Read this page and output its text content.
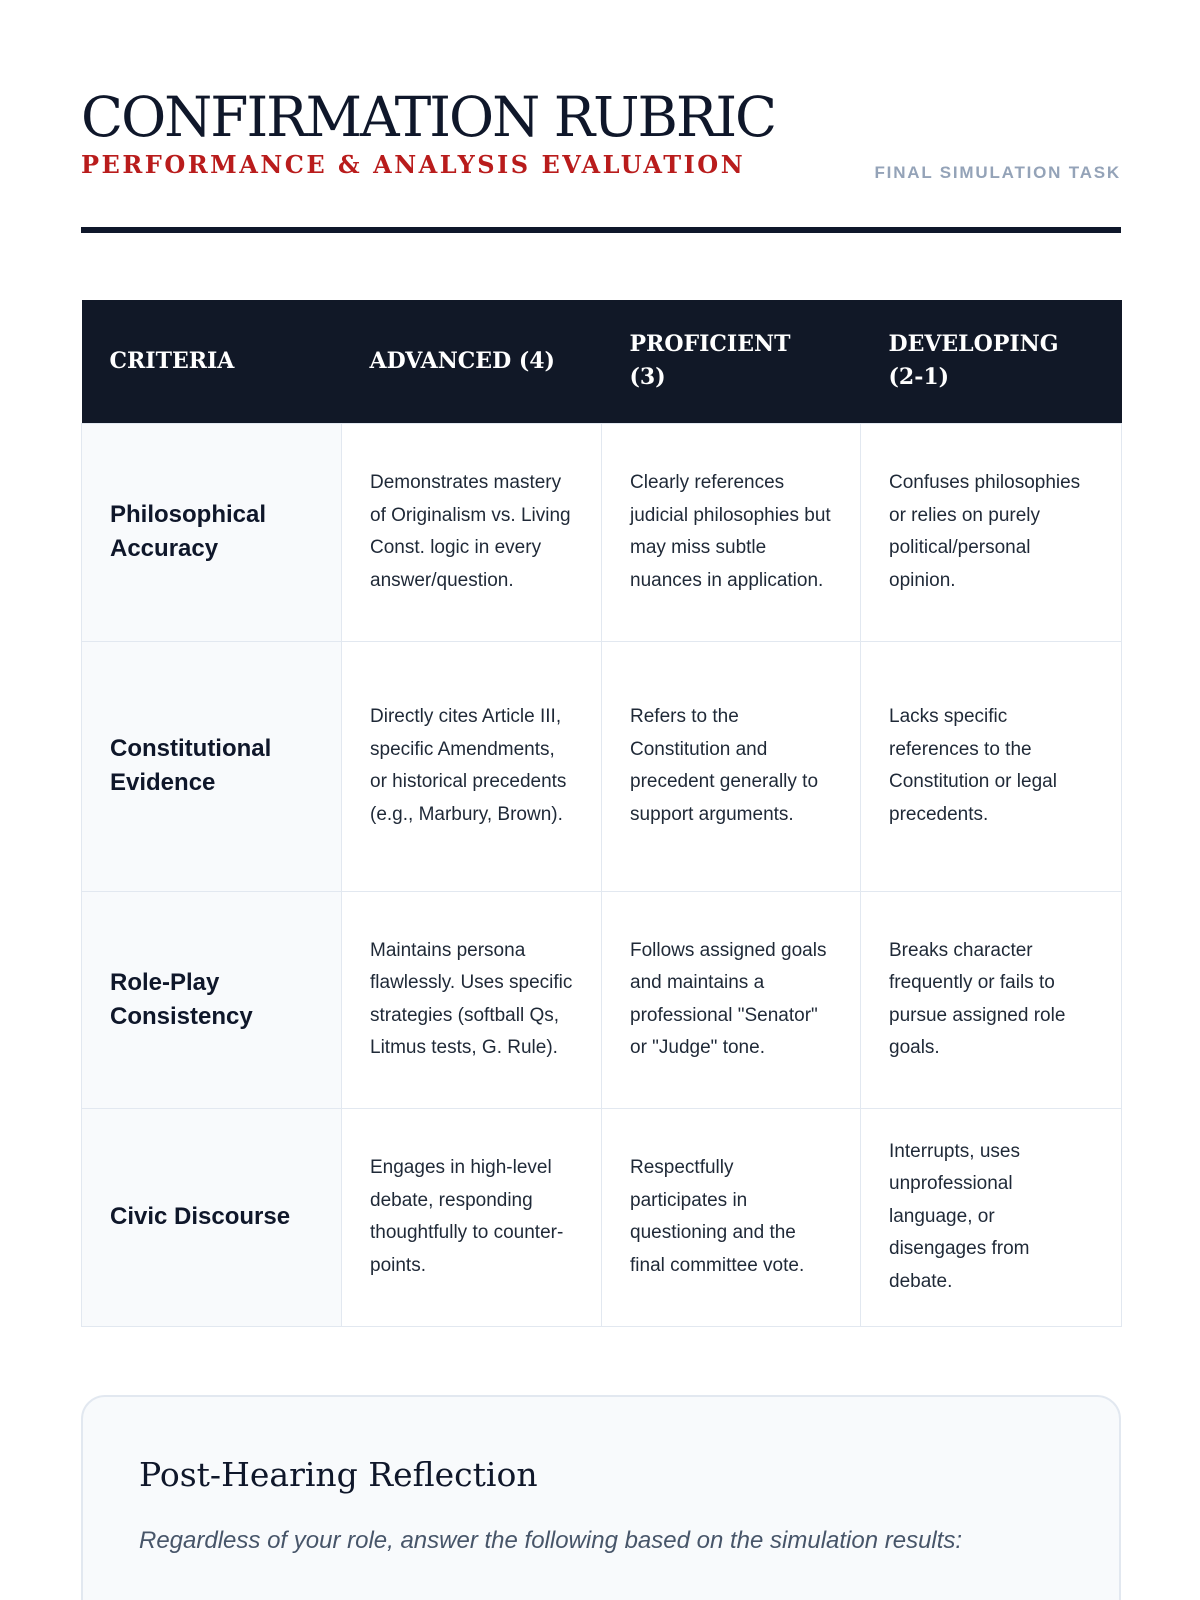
CONFIRMATION RUBRIC
PERFORMANCE & ANALYSIS EVALUATION	FINAL SIMULATION TASK
CRITERIA	ADVANCED (4)	PROFICIENT (3)	DEVELOPING (2-1)
Philosophical Accuracy	Demonstrates mastery of Originalism vs. Living Const. logic in every answer/question.	Clearly references judicial philosophies but may miss subtle nuances in application.	Confuses philosophies or relies on purely political/personal opinion.
Constitutional Evidence	Directly cites Article III, specific Amendments, or historical precedents (e.g., Marbury, Brown).	Refers to the Constitution and precedent generally to support arguments.	Lacks specific references to the Constitution or legal precedents.
Role-Play Consistency	Maintains persona flawlessly. Uses specific strategies (softball Qs, Litmus tests, G. Rule).	Follows assigned goals and maintains a professional "Senator" or "Judge" tone.	Breaks character frequently or fails to pursue assigned role goals.
Civic Discourse	Engages in high-level debate, responding thoughtfully to counter-points.	Respectfully participates in questioning and the final committee vote.	Interrupts, uses unprofessional language, or disengages from debate.
Post-Hearing Reflection
Regardless of your role, answer the following based on the simulation results:
